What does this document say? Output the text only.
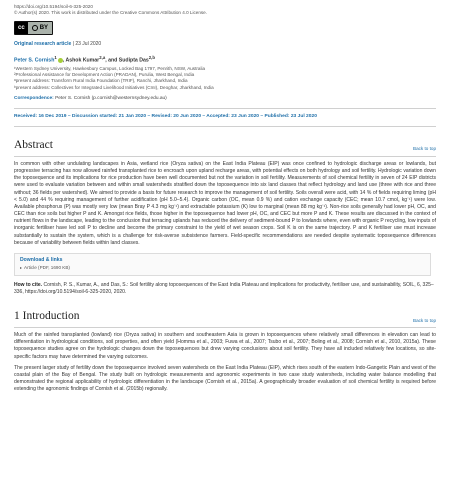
https://doi.org/10.5194/soil-6-325-2020
© Author(s) 2020. This work is distributed under the Creative Commons Attribution 4.0 License.
cc	BY
Original research article | 23 Jul 2020
Peter S. Cornish$^1$, Ashok Kumar$^{2,a}$, and Sudipta Das$^{2,b}$
¹Western Sydney University, Hawkesbury Campus, Locked Bag 1797, Penrith, NSW, Australia
²Professional Assistance for Development Action (PRADAN), Purulia, West Bengal, India
ᵃpresent address: Transform Rural India Foundation (TRIF), Ranchi, Jharkhand, India
ᵇpresent address: Collectives for Integrated Livelihood Initiatives (CInI), Deoghar, Jharkhand, India
Correspondence: Peter S. Cornish (p.cornish@westernsydney.edu.au)
Received: 16 Dec 2019 – Discussion started: 21 Jan 2020 – Revised: 20 Jun 2020 – Accepted: 23 Jun 2020 – Published: 23 Jul 2020
Abstract	Back to top

In common with other undulating landscapes in Asia, wetland rice (Oryza sativa) on the East India Plateau (EIP) was once confined to hydrologic discharge areas or lowlands, but progressive terracing has now allowed rainfed transplanted rice to encroach upon upland recharge areas, with potential effects on both hydrology and soil fertility. Hydrologic variation down the toposequence and its implications for rice production have been well documented but not the variation in soil fertility. Measurements of soil chemical fertility in seven of 24 EIP districts were used to evaluate variation between and within small watersheds stratified down the toposequence into six land classes that reflect hydrology and land use (three with rice and three without; 36 fields per watershed). We aimed to provide a basis for future research to improve the management of soil fertility. Soils overall were acid, with 14 % of fields requiring liming (pH < 5.0) and 44 % requiring management of further acidification (pH 5.0–5.4). Organic carbon (OC, mean 0.9 %) and cation exchange capacity (CEC; mean 10.7 cmol꜀ kg⁻¹) were low. Available phosphorus (P) was mostly very low (mean Bray P 4.3 mg kg⁻¹) and extractable potassium (K) low to marginal (mean 88 mg kg⁻¹). Non-rice soils generally had lower pH, OC, and CEC than rice soils but higher P and K. Amongst rice fields, those higher in the toposequence had lower pH, OC, and CEC but more P and K. These results are discussed in the context of nutrient flows in the landscape, leading to the conclusion that terracing uplands has reduced the delivery of sediment-bound P to lowlands where, even with organic P recycling, low inputs of inorganic fertiliser have led soil P to decline and become the primary constraint to the yield of wet season crops. Soil K is on the same trajectory. P and K fertiliser use must increase substantially to sustain the system, which is a challenge for risk-averse subsistence farmers. Field-specific recommendations are needed despite systematic toposequence differences because of variability between fields within land classes.

Download & links
Article (PDF, 1690 KB)
How to cite. Cornish, P. S., Kumar, A., and Das, S.: Soil fertility along toposequences of the East India Plateau and implications for productivity, fertiliser use, and sustainability, SOIL, 6, 325–336, https://doi.org/10.5194/soil-6-325-2020, 2020.
1 Introduction	Back to top

Much of the rainfed transplanted (lowland) rice (Oryza sativa) in southern and southeastern Asia is grown in toposequences where relatively small differences in elevation can lead to differentiation in hydrological conditions, soil properties, and often yield (Homma et al., 2003; Fuwa et al., 2007; Tsubo et al., 2007; Boling et al., 2008; Cornish et al., 2010, 2015a). These toposequence studies agree on the hydrologic changes down the toposequences but drew varying conclusions about soil fertility. They have all included relatively few locations, so site-specific factors may have determined the varying outcomes.

The present larger study of fertility down the toposequence involved seven watersheds on the East India Plateau (EIP), which rises south of the eastern Indo-Gangetic Plain and west of the coastal plain of the Bay of Bengal. The study built on hydrologic measurements and agronomic experiments in two case study watersheds, including water balance modelling that demonstrated the regional applicability of hydrologic differentiation in the landscape (Cornish et al., 2015a). A geographically broader evaluation of soil chemical fertility is required before extending the agronomic findings of Cornish et al. (2015b) regionally.
